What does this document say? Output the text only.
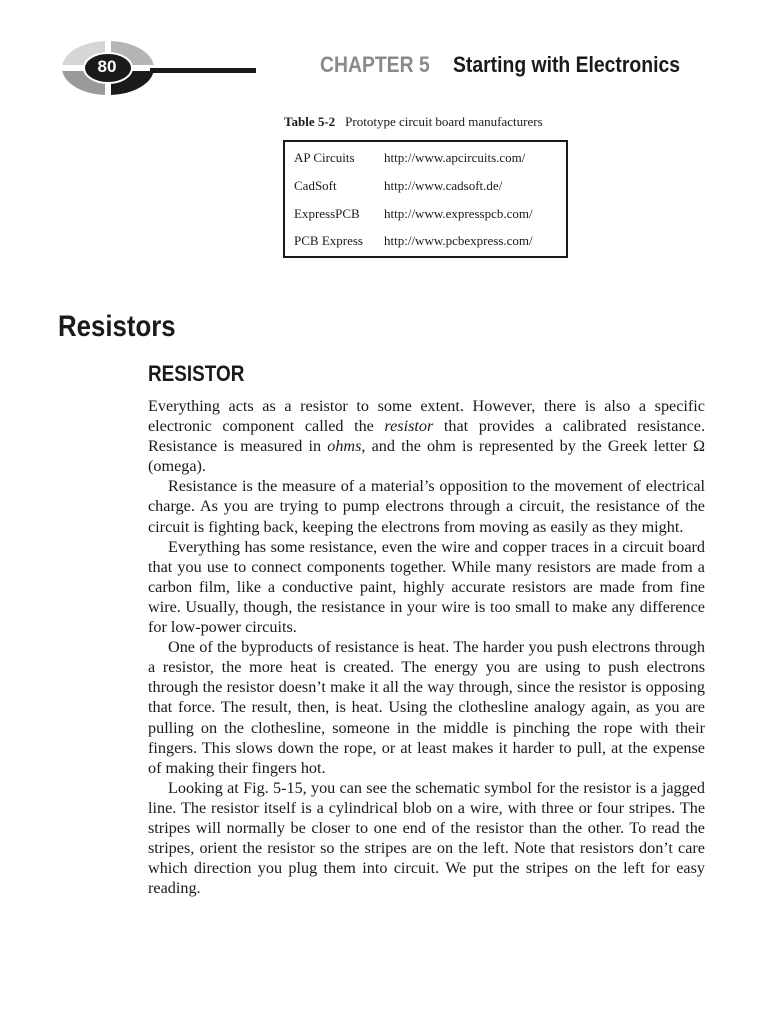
80	CHAPTER 5 Starting with Electronics
Table 5-2 Prototype circuit board manufacturers
AP Circuits	http://www.apcircuits.com/
CadSoft	http://www.cadsoft.de/
ExpressPCB	http://www.expresspcb.com/
PCB Express	http://www.pcbexpress.com/
Resistors
RESISTOR

Everything acts as a resistor to some extent. However, there is also a specific electronic component called the resistor that provides a calibrated resistance. Resistance is measured in ohms, and the ohm is represented by the Greek letter Ω (omega).

Resistance is the measure of a material’s opposition to the movement of electrical charge. As you are trying to pump electrons through a circuit, the resistance of the circuit is fighting back, keeping the electrons from moving as easily as they might.

Everything has some resistance, even the wire and copper traces in a circuit board that you use to connect components together. While many resistors are made from a carbon film, like a conductive paint, highly accurate resistors are made from fine wire. Usually, though, the resistance in your wire is too small to make any difference for low-power circuits.

One of the byproducts of resistance is heat. The harder you push electrons through a resistor, the more heat is created. The energy you are using to push electrons through the resistor doesn’t make it all the way through, since the resistor is opposing that force. The result, then, is heat. Using the clothesline analogy again, as you are pulling on the clothesline, someone in the middle is pinching the rope with their fingers. This slows down the rope, or at least makes it harder to pull, at the expense of making their fingers hot.

Looking at Fig. 5-15, you can see the schematic symbol for the resistor is a jagged line. The resistor itself is a cylindrical blob on a wire, with three or four stripes. The stripes will normally be closer to one end of the resistor than the other. To read the stripes, orient the resistor so the stripes are on the left. Note that resistors don’t care which direction you plug them into circuit. We put the stripes on the left for easy reading.
